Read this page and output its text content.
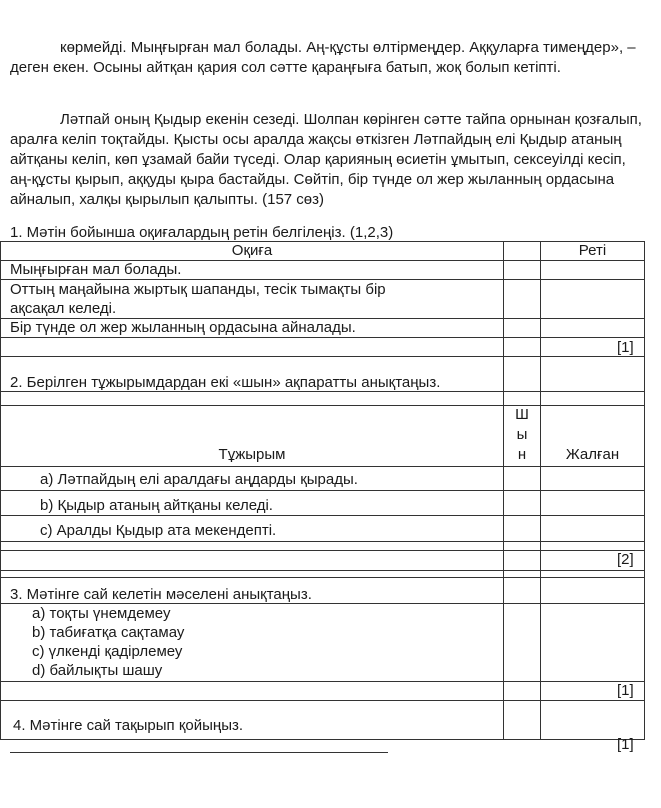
көрмейді. Мыңғырған мал болады. Аң-құсты өлтірмеңдер. Аққуларға тимеңдер», – деген екен. Осыны айтқан қария сол сәтте қараңғыға батып, жоқ болып кетіпті.

Ләтпай оның Қыдыр екенін сезеді. Шолпан көрінген сәтте тайпа орнынан қозғалып, аралға келіп тоқтайды. Қысты осы аралда жақсы өткізген Ләтпайдың елі Қыдыр атаның айтқаны келіп, көп ұзамай байи түседі. Олар қарияның өсиетін ұмытып, сексеуілді кесіп, аң-құсты қырып, аққуды қыра бастайды. Сөйтіп, бір түнде ол жер жыланның ордасына айналып, халқы қырылып қалыпты. (157 сөз)

1. Мәтін бойынша оқиғалардың ретін белгілеңіз. (1,2,3)
Оқиға	Реті
Мыңғырған мал болады.
Оттың маңайына жыртық шапанды, тесік тымақты бір
ақсақал келеді.
Бір түнде ол жер жыланның ордасына айналады.
[1]
2. Берілген тұжырымдардан екі «шын» ақпаратты анықтаңыз.
Тұжырым
Ш
ы
н	Жалған
а) Ләтпайдың елі аралдағы аңдарды қырады.
b) Қыдыр атаның айтқаны келеді.
c) Аралды Қыдыр ата мекендепті.
[2]
3. Мәтінге сай келетін мәселені анықтаңыз.
а) тоқты үнемдемеу
b) табиғатқа сақтамау
c) үлкенді қадірлемеу
d) байлықты шашу
[1]
4. Мәтінге сай тақырып қойыңыз.
[1]
